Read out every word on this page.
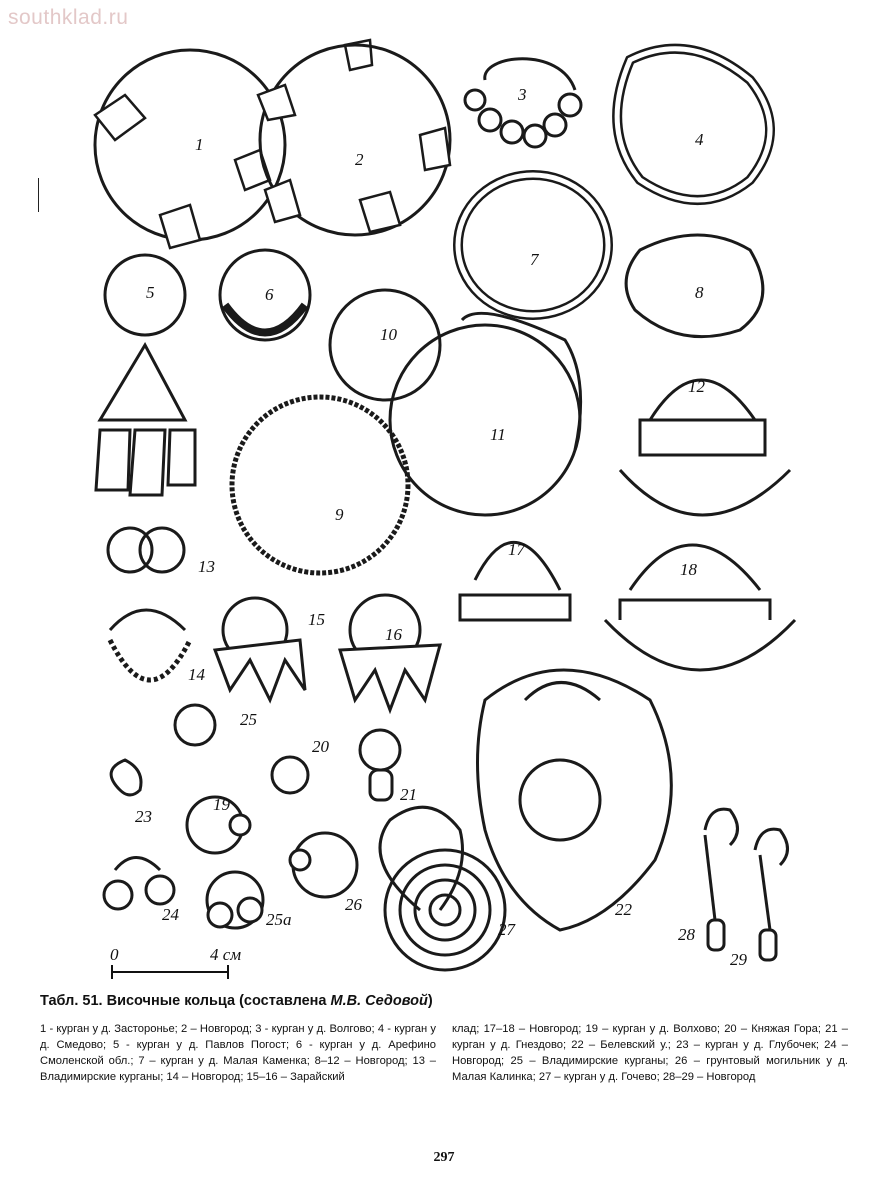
southklad.ru
0	4 см
1
2
3
4
5	6
7
8
9
10
11
12
13
14
15
16
17
18
19
20
21
22
23
24
25
25а
26
27	28
29
Табл. 51. Височные кольца (составлена М.В. Седовой)
1 - курган у д. Засторонье; 2 – Новгород; 3 - курган у д. Волгово; 4 - курган у д. Смедово; 5 - курган у д. Павлов Погост; 6 - курган у д. Арефино Смоленской обл.; 7 – курган у д. Малая Каменка; 8–12 – Новгород; 13 – Владимирские курганы; 14 – Новгород; 15–16 – Зарайский
клад; 17–18 – Новгород; 19 – курган у д. Волхово; 20 – Княжая Гора; 21 – курган у д. Гнездово; 22 – Белевский у.; 23 – курган у д. Глубочек; 24 – Новгород; 25 – Владимирские курганы; 26 – грунтовый могильник у д. Малая Калинка; 27 – курган у д. Гочево; 28–29 – Новгород
297
